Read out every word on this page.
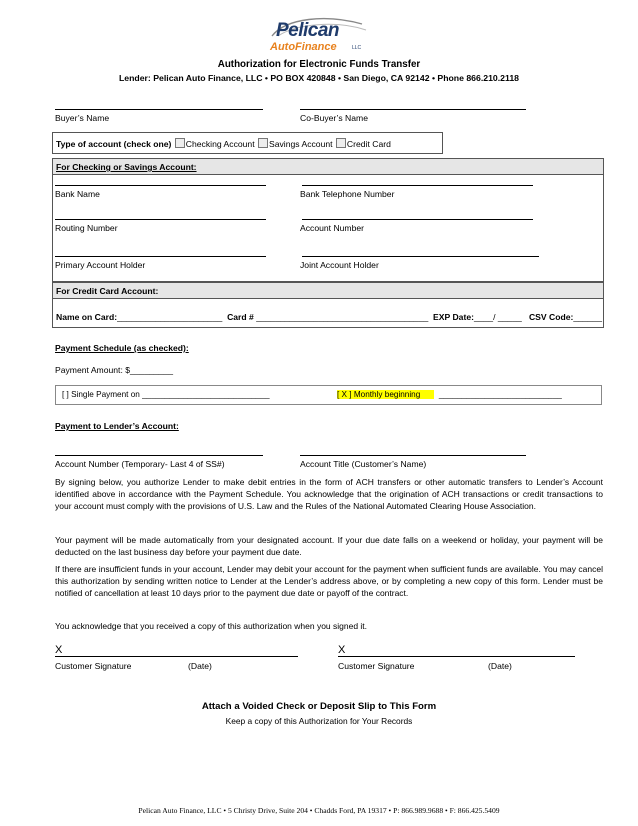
Pelican
AutoFinance	LLC
Authorization for Electronic Funds Transfer
Lender: Pelican Auto Finance, LLC • PO BOX 420848 • San Diego, CA 92142 • Phone 866.210.2118
Buyer’s Name	Co-Buyer’s Name
Type of account (check one) Checking Account Savings Account Credit Card
For Checking or Savings Account:
Bank Name	Bank Telephone Number
Routing Number	Account Number
Primary Account Holder	Joint Account Holder
For Credit Card Account:
Name on Card:______________________ Card # ____________________________________ EXP Date:____/ _____ CSV Code:______
Payment Schedule (as checked):
Payment Amount: $_________
[ ] Single Payment on ____________________________	[ X ] Monthly beginning ___________________________
Payment to Lender’s Account:
Account Number (Temporary- Last 4 of SS#)	Account Title (Customer’s Name)
By signing below, you authorize Lender to make debit entries in the form of ACH transfers or other automatic transfers to Lender’s Account identified above in accordance with the Payment Schedule. You acknowledge that the origination of ACH transactions or credit transactions to your account must comply with the provisions of U.S. Law and the Rules of the National Automated Clearing House Association.
Your payment will be made automatically from your designated account. If your due date falls on a weekend or holiday, your payment will be deducted on the last business day before your payment due date.
If there are insufficient funds in your account, Lender may debit your account for the payment when sufficient funds are available. You may cancel this authorization by sending written notice to Lender at the Lender’s address above, or by completing a new copy of this form. Lender must be notified of cancellation at least 10 days prior to the payment due date or payoff of the contract.
You acknowledge that you received a copy of this authorization when you signed it.
X
Customer Signature	(Date)
X
Customer Signature	(Date)
Attach a Voided Check or Deposit Slip to This Form
Keep a copy of this Authorization for Your Records
Pelican Auto Finance, LLC • 5 Christy Drive, Suite 204 • Chadds Ford, PA 19317 • P: 866.989.9688 • F: 866.425.5409
